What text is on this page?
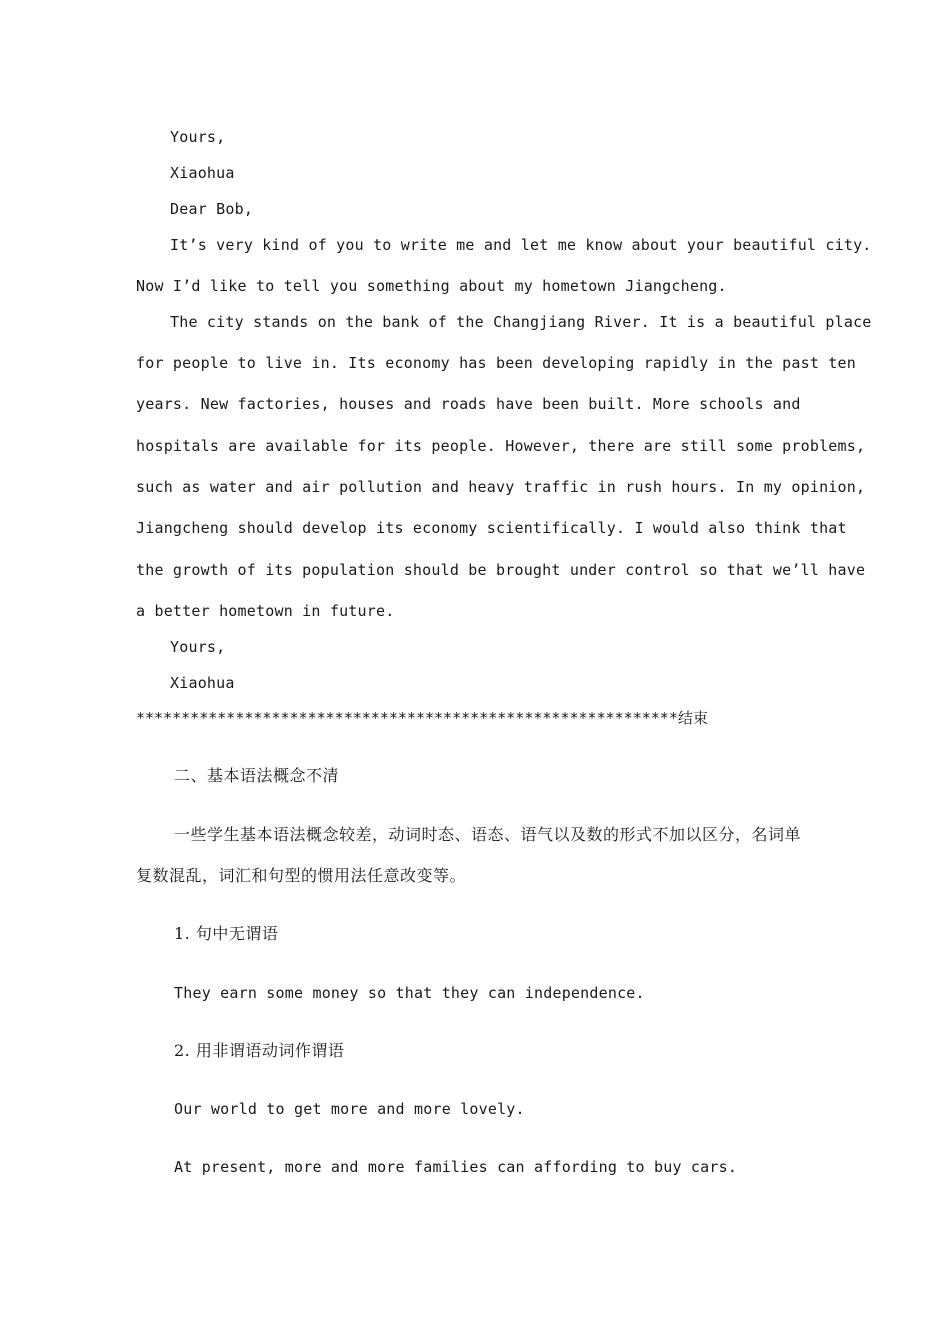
Yours,
Xiaohua
Dear Bob,
It’s very kind of you to write me and let me know about your beautiful city.
Now I’d like to tell you something about my hometown Jiangcheng.
The city stands on the bank of the Changjiang River. It is a beautiful place
for people to live in. Its economy has been developing rapidly in the past ten
years. New factories, houses and roads have been built. More schools and
hospitals are available for its people. However, there are still some problems,
such as water and air pollution and heavy traffic in rush hours. In my opinion,
Jiangcheng should develop its economy scientifically. I would also think that
the growth of its population should be brought under control so that we’ll have
a better hometown in future.
Yours,
Xiaohua
************************************************************结束
二、基本语法概念不清
一些学生基本语法概念较差，动词时态、语态、语气以及数的形式不加以区分，名词单
复数混乱，词汇和句型的惯用法任意改变等。
1. 句中无谓语
They earn some money so that they can independence.
2. 用非谓语动词作谓语
Our world to get more and more lovely.
At present, more and more families can affording to buy cars.
